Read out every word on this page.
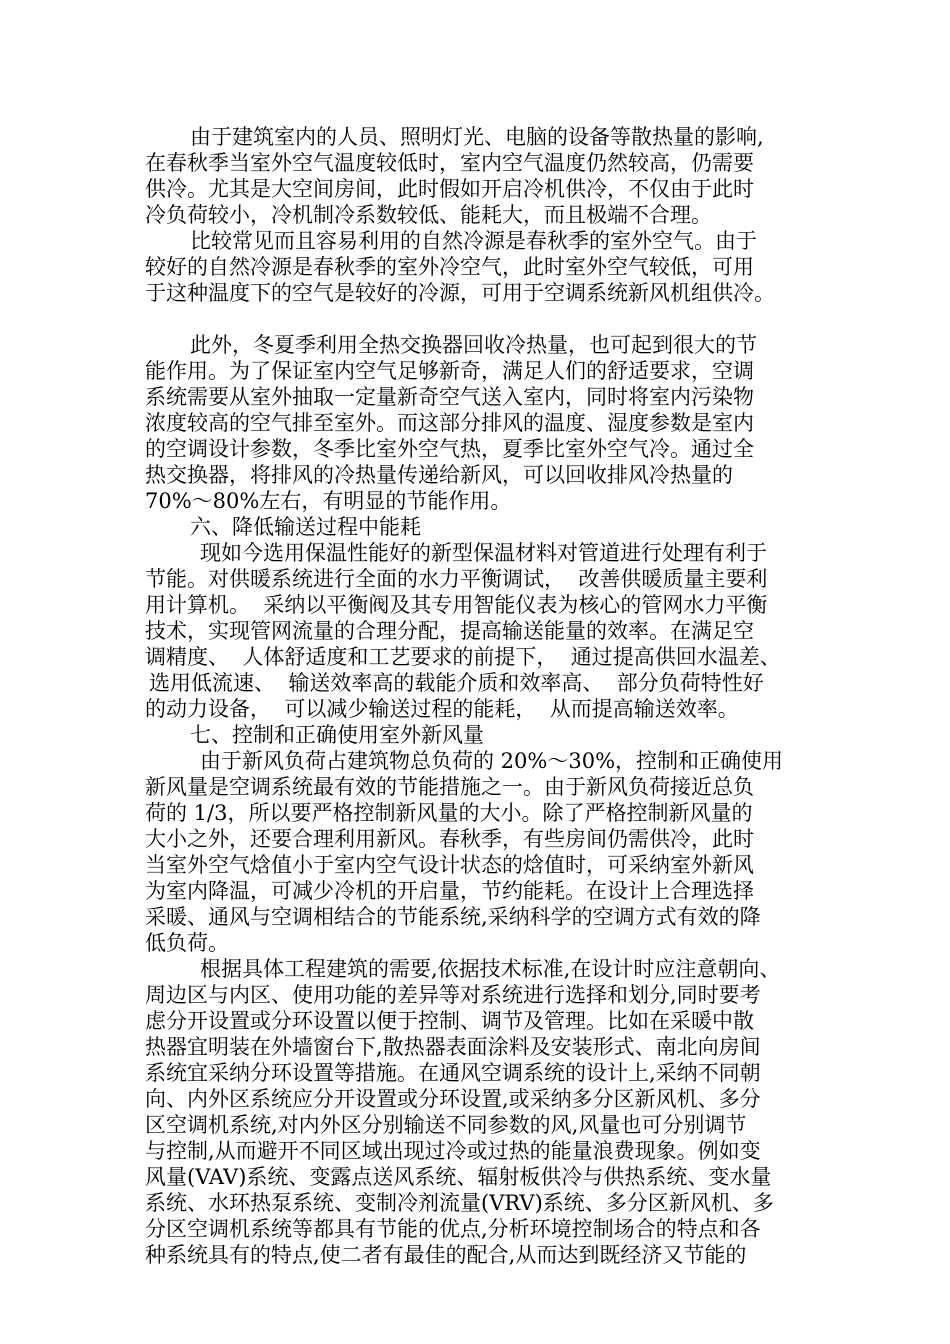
由于建筑室内的人员、照明灯光、电脑的设备等散热量的影响,
在春秋季当室外空气温度较低时，室内空气温度仍然较高，仍需要
供冷。尤其是大空间房间，此时假如开启冷机供冷，不仅由于此时
冷负荷较小，冷机制冷系数较低、能耗大，而且极端不合理。
比较常见而且容易利用的自然冷源是春秋季的室外空气。由于
较好的自然冷源是春秋季的室外冷空气，此时室外空气较低，可用
于这种温度下的空气是较好的冷源，可用于空调系统新风机组供冷。
此外，冬夏季利用全热交换器回收冷热量，也可起到很大的节
能作用。为了保证室内空气足够新奇，满足人们的舒适要求，空调
系统需要从室外抽取一定量新奇空气送入室内，同时将室内污染物
浓度较高的空气排至室外。而这部分排风的温度、湿度参数是室内
的空调设计参数，冬季比室外空气热，夏季比室外空气冷。通过全
热交换器，将排风的冷热量传递给新风，可以回收排风冷热量的
70%～80%左右，有明显的节能作用。
六、降低输送过程中能耗
现如今选用保温性能好的新型保温材料对管道进行处理有利于
节能。对供暖系统进行全面的水力平衡调试，  改善供暖质量主要利
用计算机。  采纳以平衡阀及其专用智能仪表为核心的管网水力平衡
技术，实现管网流量的合理分配，提高输送能量的效率。在满足空
调精度、  人体舒适度和工艺要求的前提下，  通过提高供回水温差、
选用低流速、  输送效率高的载能介质和效率高、  部分负荷特性好
的动力设备，  可以减少输送过程的能耗，  从而提高输送效率。
七、控制和正确使用室外新风量
由于新风负荷占建筑物总负荷的 20%～30%，控制和正确使用
新风量是空调系统最有效的节能措施之一。由于新风负荷接近总负
荷的 1/3，所以要严格控制新风量的大小。除了严格控制新风量的
大小之外，还要合理利用新风。春秋季，有些房间仍需供冷，此时
当室外空气焓值小于室内空气设计状态的焓值时，可采纳室外新风
为室内降温，可减少冷机的开启量，节约能耗。在设计上合理选择
采暖、通风与空调相结合的节能系统,采纳科学的空调方式有效的降
低负荷。
根据具体工程建筑的需要,依据技术标准,在设计时应注意朝向、
周边区与内区、使用功能的差异等对系统进行选择和划分,同时要考
虑分开设置或分环设置以便于控制、调节及管理。比如在采暖中散
热器宜明装在外墙窗台下,散热器表面涂料及安装形式、南北向房间
系统宜采纳分环设置等措施。在通风空调系统的设计上,采纳不同朝
向、内外区系统应分开设置或分环设置,或采纳多分区新风机、多分
区空调机系统,对内外区分别输送不同参数的风,风量也可分别调节
与控制,从而避开不同区域出现过冷或过热的能量浪费现象。例如变
风量(VAV)系统、变露点送风系统、辐射板供冷与供热系统、变水量
系统、水环热泵系统、变制冷剂流量(VRV)系统、多分区新风机、多
分区空调机系统等都具有节能的优点,分析环境控制场合的特点和各
种系统具有的特点,使二者有最佳的配合,从而达到既经济又节能的
